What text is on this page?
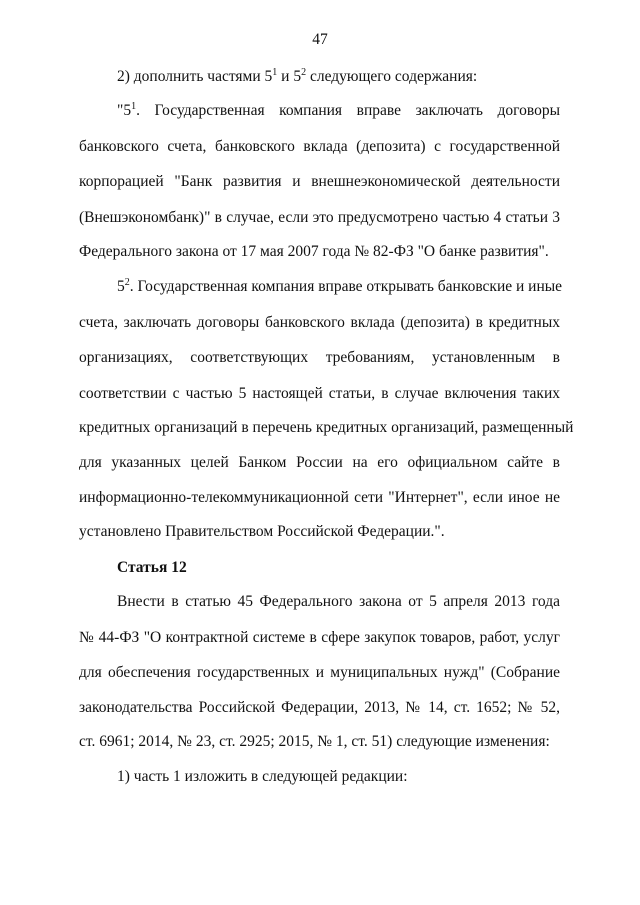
47
2) дополнить частями $5^1$ и $5^2$ следующего содержания:
"$5^1$. Государственная компания вправе заключать договоры
банковского счета, банковского вклада (депозита) с государственной
корпорацией "Банк развития и внешнеэкономической деятельности
(Внешэкономбанк)" в случае, если это предусмотрено частью 4 статьи 3
Федерального закона от 17 мая 2007 года № 82-ФЗ "О банке развития".
$5^2$. Государственная компания вправе открывать банковские и иные
счета, заключать договоры банковского вклада (депозита) в кредитных
организациях, соответствующих требованиям, установленным в
соответствии с частью 5 настоящей статьи, в случае включения таких
кредитных организаций в перечень кредитных организаций, размещенный
для указанных целей Банком России на его официальном сайте в
информационно-телекоммуникационной сети "Интернет", если иное не
установлено Правительством Российской Федерации.".
Статья 12
Внести в статью 45 Федерального закона от 5 апреля 2013 года
№ 44-ФЗ "О контрактной системе в сфере закупок товаров, работ, услуг
для обеспечения государственных и муниципальных нужд" (Собрание
законодательства Российской Федерации, 2013, № 14, ст. 1652; № 52,
ст. 6961; 2014, № 23, ст. 2925; 2015, № 1, ст. 51) следующие изменения:
1) часть 1 изложить в следующей редакции:
